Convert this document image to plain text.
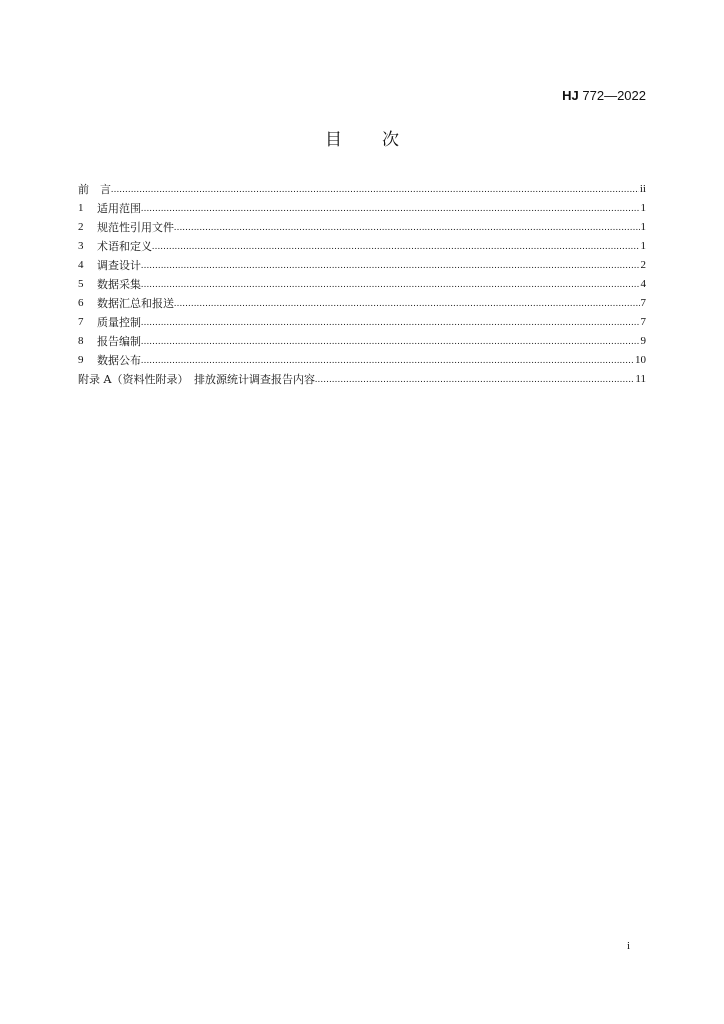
HJ 772—2022
目 次
前　言 .....	ii
1	适用范围 .....	1
2	规范性引用文件 .....	1
3	术语和定义 .....	1
4	调查设计 .....	2
5	数据采集 .....	4
6	数据汇总和报送 .....	7
7	质量控制 .....	7
8	报告编制 .....	9
9	数据公布 .....	10
附录 A（资料性附录）　排放源统计调查报告内容 .....	11
i
